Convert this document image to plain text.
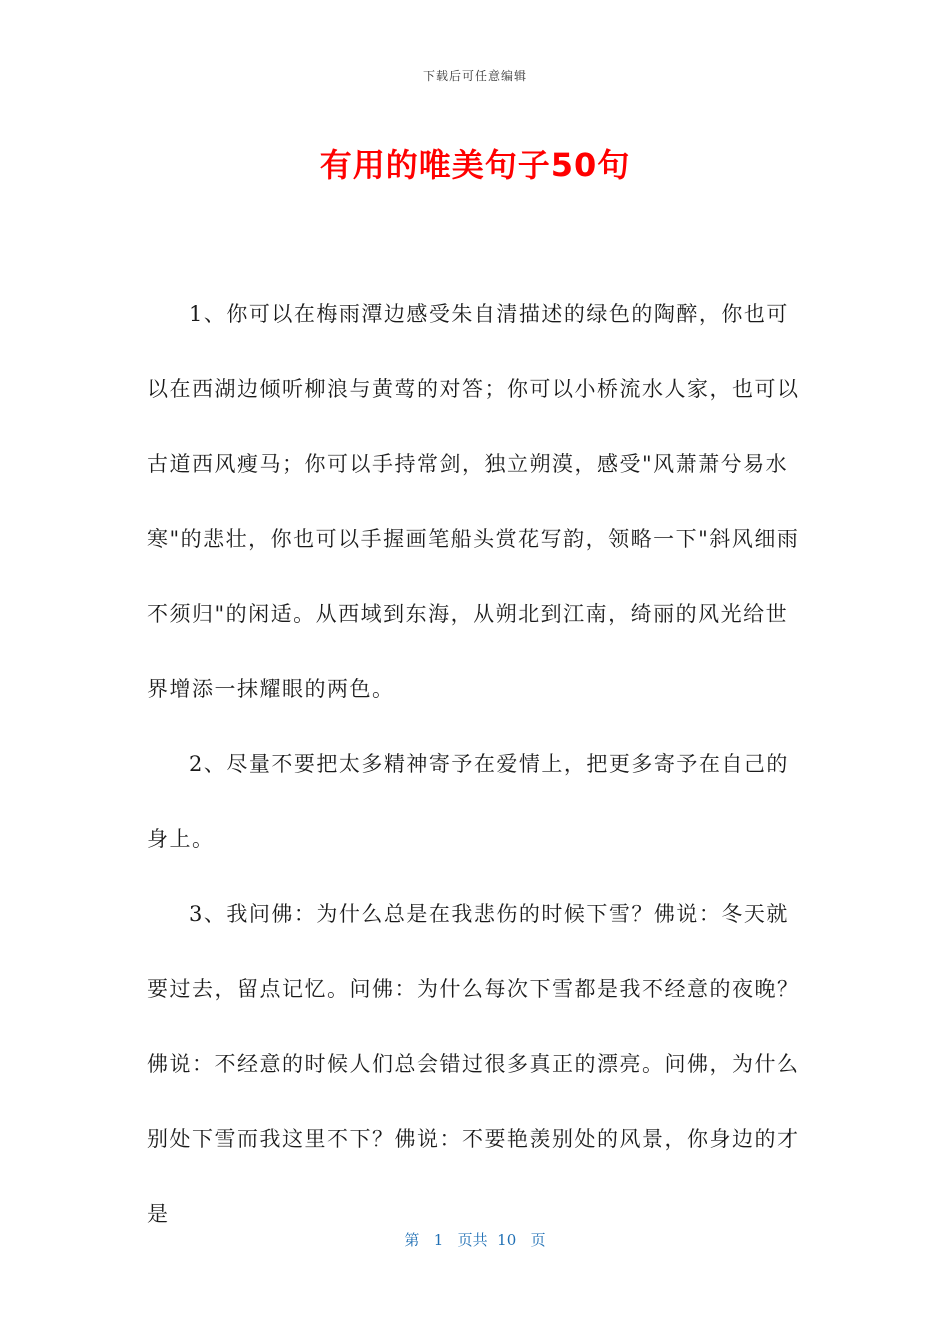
下载后可任意编辑
有用的唯美句子50句

1、你可以在梅雨潭边感受朱自清描述的绿色的陶醉，你也可以在西湖边倾听柳浪与黄莺的对答；你可以小桥流水人家，也可以古道西风瘦马；你可以手持常剑，独立朔漠，感受"风萧萧兮易水寒"的悲壮，你也可以手握画笔船头赏花写韵，领略一下"斜风细雨不须归"的闲适。从西域到东海，从朔北到江南，绮丽的风光给世界增添一抹耀眼的两色。

2、尽量不要把太多精神寄予在爱情上，把更多寄予在自己的身上。

3、我问佛：为什么总是在我悲伤的时候下雪？佛说：冬天就要过去，留点记忆。问佛：为什么每次下雪都是我不经意的夜晚？佛说：不经意的时候人们总会错过很多真正的漂亮。问佛，为什么别处下雪而我这里不下？佛说：不要艳羡别处的风景，你身边的才是

第 1 页共 10 页
